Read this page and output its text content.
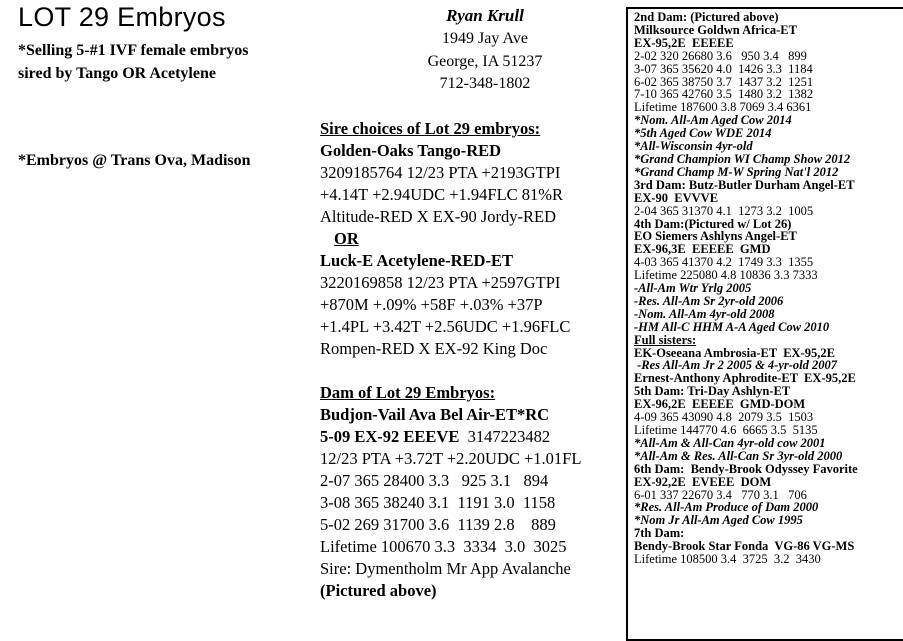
LOT 29 Embryos
*Selling 5-#1 IVF female embryos
sired by Tango OR Acetylene
*Embryos @ Trans Ova, Madison
Ryan Krull
1949 Jay Ave
George, IA 51237
712-348-1802
Sire choices of Lot 29 embryos:
Golden-Oaks Tango-RED
3209185764 12/23 PTA +2193GTPI
+4.14T +2.94UDC +1.94FLC 81%R
Altitude-RED X EX-90 Jordy-RED
OR
Luck-E Acetylene-RED-ET
3220169858 12/23 PTA +2597GTPI
+870M +.09% +58F +.03% +37P
+1.4PL +3.42T +2.56UDC +1.96FLC
Rompen-RED X EX-92 King Doc
Dam of Lot 29 Embryos:
Budjon-Vail Ava Bel Air-ET*RC
5-09 EX-92 EEEVE  3147223482
12/23 PTA +3.72T +2.20UDC +1.01FL
2-07 365 28400 3.3   925 3.1   894
3-08 365 38240 3.1  1191 3.0  1158
5-02 269 31700 3.6  1139 2.8    889
Lifetime 100670 3.3  3334  3.0  3025
Sire: Dymentholm Mr App Avalanche
(Pictured above)
2nd Dam: (Pictured above)
Milksource Goldwn Africa-ET
EX-95,2E  EEEEE
2-02 320 26680 3.6   950 3.4   899
3-07 365 35620 4.0  1426 3.3  1184
6-02 365 38750 3.7  1437 3.2  1251
7-10 365 42760 3.5  1480 3.2  1382
Lifetime 187600 3.8 7069 3.4 6361
*Nom. All-Am Aged Cow 2014
*5th Aged Cow WDE 2014
*All-Wisconsin 4yr-old
*Grand Champion WI Champ Show 2012
*Grand Champ M-W Spring Nat'l 2012
3rd Dam: Butz-Butler Durham Angel-ET
EX-90  EVVVE
2-04 365 31370 4.1  1273 3.2  1005
4th Dam:(Pictured w/ Lot 26)
EO Siemers Ashlyns Angel-ET
EX-96,3E  EEEEE  GMD
4-03 365 41370 4.2  1749 3.3  1355
Lifetime 225080 4.8 10836 3.3 7333
-All-Am Wtr Yrlg 2005
-Res. All-Am Sr 2yr-old 2006
-Nom. All-Am 4yr-old 2008
-HM All-C HHM A-A Aged Cow 2010
Full sisters:
EK-Oseeana Ambrosia-ET  EX-95,2E
-Res All-Am Jr 2 2005 & 4-yr-old 2007
Ernest-Anthony Aphrodite-ET  EX-95,2E
5th Dam: Tri-Day Ashlyn-ET
EX-96,2E  EEEEE  GMD-DOM
4-09 365 43090 4.8  2079 3.5  1503
Lifetime 144770 4.6  6665 3.5  5135
*All-Am & All-Can 4yr-old cow 2001
*All-Am & Res. All-Can Sr 3yr-old 2000
6th Dam:  Bendy-Brook Odyssey Favorite
EX-92,2E  EVEEE  DOM
6-01 337 22670 3.4   770 3.1   706
*Res. All-Am Produce of Dam 2000
*Nom Jr All-Am Aged Cow 1995
7th Dam:
Bendy-Brook Star Fonda  VG-86 VG-MS
Lifetime 108500 3.4  3725  3.2  3430
